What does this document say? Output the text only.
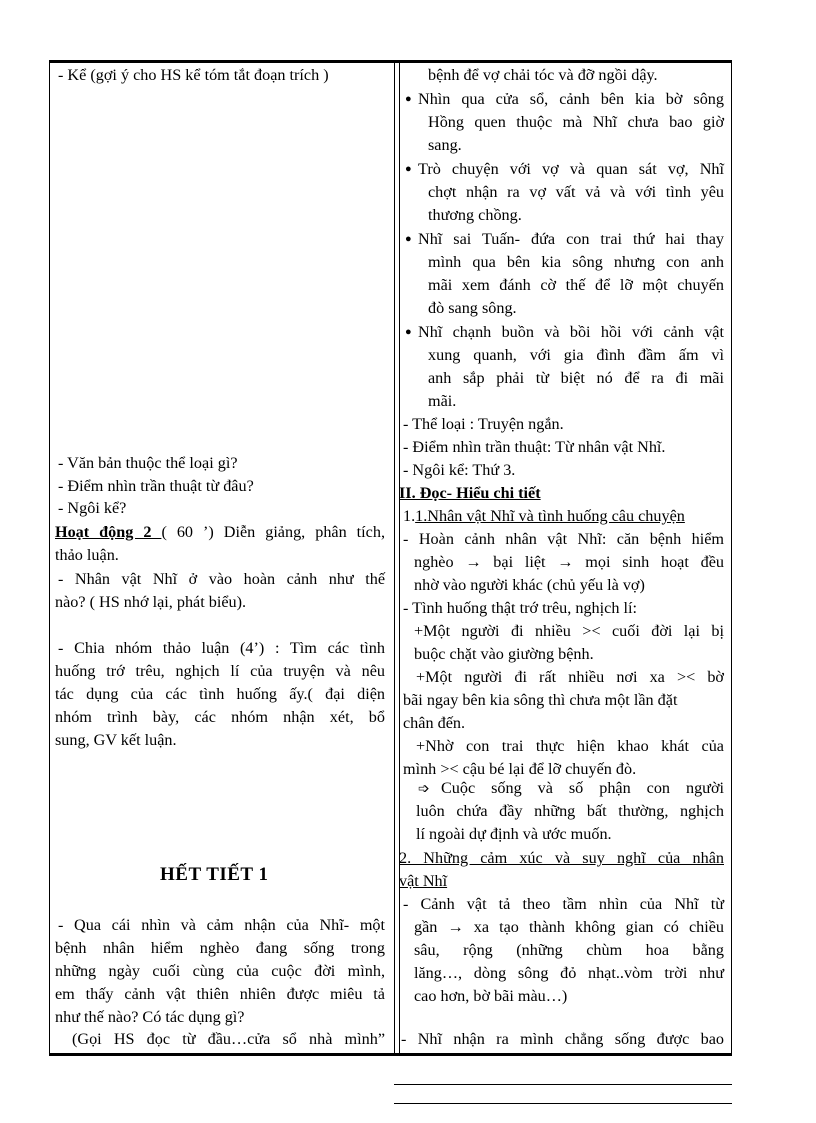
- Kể (gợi ý cho HS kể tóm tắt đoạn trích )
- Văn bản thuộc thể loại gì?
- Điểm nhìn trần thuật từ đâu?
- Ngôi kể?
Hoạt động 2 ( 60 ’) Diễn giảng, phân tích,
thảo luận.
- Nhân vật Nhĩ ở vào hoàn cảnh như thế
nào? ( HS nhớ lại, phát biểu).
- Chia nhóm thảo luận (4’) : Tìm các tình
huống trớ trêu, nghịch lí của truyện và nêu
tác dụng của các tình huống ấy.( đại diện
nhóm trình bày, các nhóm nhận xét, bổ
sung, GV kết luận.
HẾT TIẾT 1
- Qua cái nhìn và cảm nhận của Nhĩ- một
bệnh nhân hiểm nghèo đang sống trong
những ngày cuối cùng của cuộc đời mình,
em thấy cảnh vật thiên nhiên được miêu tả
như thế nào? Có tác dụng gì?
(Gọi HS đọc từ đầu…cửa sổ nhà mình”
bệnh để vợ chải tóc và đỡ ngồi dậy.
● Nhìn qua cửa sổ, cảnh bên kia bờ sông
Hồng quen thuộc mà Nhĩ chưa bao giờ
sang.
● Trò chuyện với vợ và quan sát vợ, Nhĩ
chợt nhận ra vợ vất vả và với tình yêu
thương chồng.
● Nhĩ sai Tuấn- đứa con trai thứ hai thay
mình qua bên kia sông nhưng con anh
mãi xem đánh cờ thế để lỡ một chuyến
đò sang sông.
● Nhĩ chạnh buồn và bồi hồi với cảnh vật
xung quanh, với gia đình đầm ấm vì
anh sắp phải từ biệt nó để ra đi mãi
mãi.
- Thể loại : Truyện ngắn.
- Điểm nhìn trần thuật: Từ nhân vật Nhĩ.
- Ngôi kể: Thứ 3.
II. Đọc- Hiểu chi tiết
1.1.Nhân vật Nhĩ và tình huống câu chuyện
- Hoàn cảnh nhân vật Nhĩ: căn bệnh hiểm
nghèo → bại liệt → mọi sinh hoạt đều
nhờ vào người khác (chủ yếu là vợ)
- Tình huống thật trớ trêu, nghịch lí:
+Một người đi nhiều >< cuối đời lại bị
buộc chặt vào giường bệnh.
+Một người đi rất nhiều nơi xa >< bờ
bãi ngay bên kia sông thì chưa một lần đặt
chân đến.
+Nhờ con trai thực hiện khao khát của
mình >< cậu bé lại để lỡ chuyến đò.
➩ Cuộc sống và số phận con người
luôn chứa đầy những bất thường, nghịch
lí ngoài dự định và ước muốn.
2. Những cảm xúc và suy nghĩ của nhân
vật Nhĩ
- Cảnh vật tả theo tầm nhìn của Nhĩ từ
gần → xa tạo thành không gian có chiều
sâu, rộng (những chùm hoa bằng
lăng…, dòng sông đỏ nhạt..vòm trời như
cao hơn, bờ bãi màu…)
- Nhĩ nhận ra mình chẳng sống được bao
